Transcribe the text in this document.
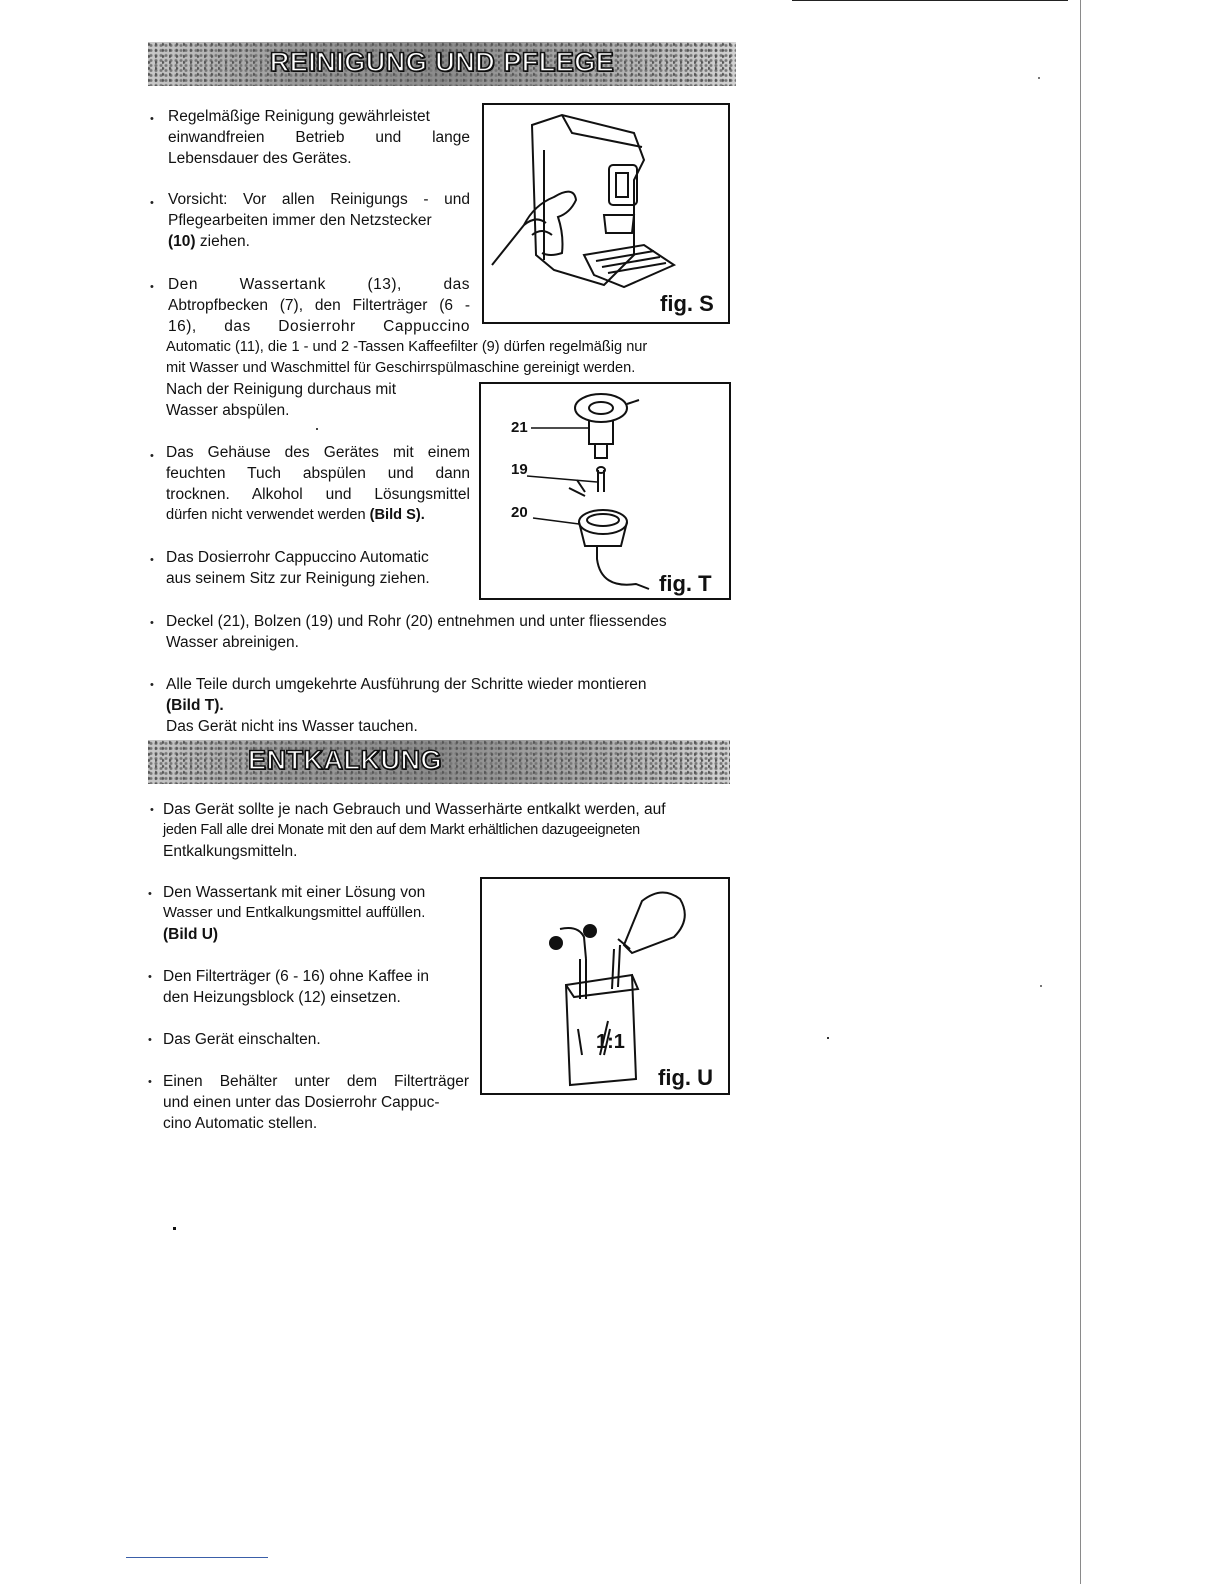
REINIGUNG UND PFLEGE
• Regelmäßige Reinigung gewährleistet
einwandfreien Betrieb und lange
Lebensdauer des Gerätes.
• Vorsicht: Vor allen Reinigungs - und
Pflegearbeiten immer den Netzstecker
(10) ziehen.
• Den Wassertank (13), das
Abtropfbecken (7), den Filterträger (6 -
16), das Dosierrohr Cappuccino
Automatic (11), die 1 - und 2 -Tassen Kaffeefilter (9) dürfen regelmäßig nur
mit Wasser und Waschmittel für Geschirrspülmaschine gereinigt werden.
Nach der Reinigung durchaus mit
Wasser abspülen.
• Das Gehäuse des Gerätes mit einem
feuchten Tuch abspülen und dann
trocknen. Alkohol und Lösungsmittel
dürfen nicht verwendet werden (Bild S).
• Das Dosierrohr Cappuccino Automatic
aus seinem Sitz zur Reinigung ziehen.
• Deckel (21), Bolzen (19) und Rohr (20) entnehmen und unter fliessendes
Wasser abreinigen.
• Alle Teile durch umgekehrte Ausführung der Schritte wieder montieren
(Bild T).
Das Gerät nicht ins Wasser tauchen.
fig. S
21
19
20
fig. T
ENTKALKUNG
• Das Gerät sollte je nach Gebrauch und Wasserhärte entkalkt werden, auf
jeden Fall alle drei Monate mit den auf dem Markt erhältlichen dazugeeigneten
Entkalkungsmitteln.
• Den Wassertank mit einer Lösung von
Wasser und Entkalkungsmittel auffüllen.
(Bild U)
• Den Filterträger (6 - 16) ohne Kaffee in
den Heizungsblock (12) einsetzen.
• Das Gerät einschalten.
• Einen Behälter unter dem Filterträger
und einen unter das Dosierrohr Cappuc-
cino Automatic stellen.
1:1
fig. U
